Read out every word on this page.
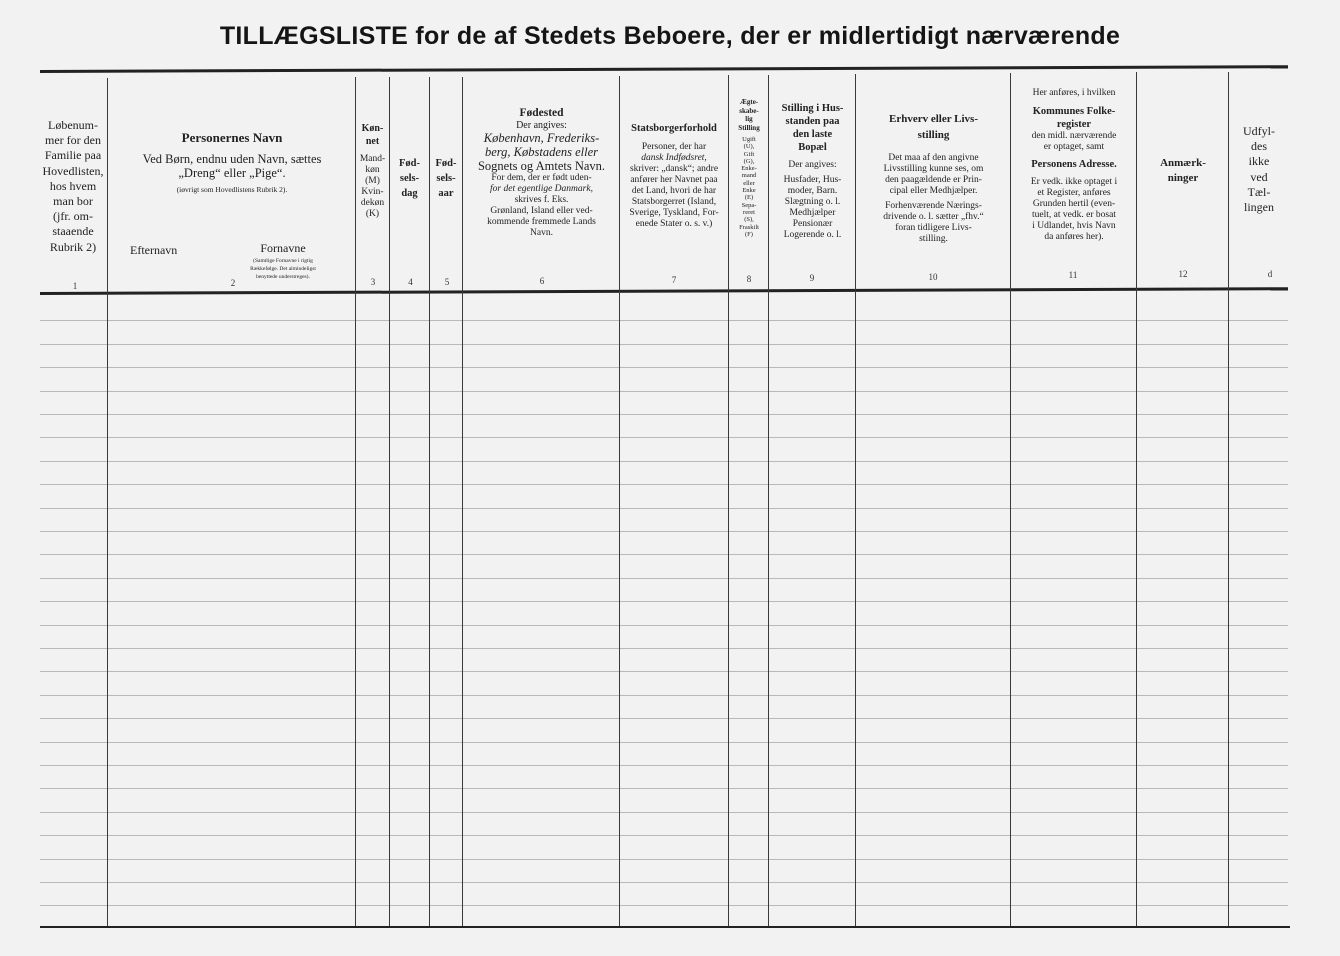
TILLÆGSLISTE for de af Stedets Beboere, der er midlertidigt nærværende
Løbenum-
mer for den
Familie paa
Hovedlisten,
hos hvem
man bor
(jfr. om-
staaende
Rubrik 2)
Personernes Navn
Ved Børn, endnu uden Navn, sættes
„Dreng“ eller „Pige“.
(iøvrigt som Hovedlistens Rubrik 2).
Efternavn	Fornavne
(Samtlige Fornavne i rigtig
Rækkefølge. Det almindeligst
benyttede understreges).
Køn-
net
Mand-
køn
(M)
Kvin-
dekøn
(K)
Fød-
sels-
dag
Fød-
sels-
aar
Fødested
Der angives:
København, Frederiks-
berg, Købstadens eller
Sognets og Amtets Navn.
For dem, der er født uden-
for det egentlige Danmark,
skrives f. Eks.
Grønland, Island eller ved-
kommende fremmede Lands
Navn.
Statsborgerforhold
Personer, der har
dansk Indfødsret,
skriver: „dansk“; andre
anfører her Navnet paa
det Land, hvori de har
Statsborgerret (Island,
Sverige, Tyskland, For-
enede Stater o. s. v.)
Ægte-
skabe-
lig
Stilling
Ugift
(U),
Gift
(G),
Enke-
mand
eller
Enke
(E)
Sepa-
reret
(S),
Fraskilt
(F)
Stilling i Hus-
standen paa
den laste
Bopæl
Der angives:
Husfader, Hus-
moder, Barn.
Slægtning o. l.
Medhjælper
Pensionær
Logerende o. l.
Erhverv eller Livs-
stilling
Det maa af den angivne
Livsstilling kunne ses, om
den paagældende er Prin-
cipal eller Medhjælper.
Forhenværende Nærings-
drivende o. l. sætter „fhv.“
foran tidligere Livs-
stilling.
Her anføres, i hvilken
Kommunes Folke-
register
den midl. nærværende
er optaget, samt
Personens Adresse.
Er vedk. ikke optaget i
et Register, anføres
Grunden hertil (even-
tuelt, at vedk. er bosat
i Udlandet, hvis Navn
da anføres her).
Anmærk-
ninger
Udfyl-
des
ikke
ved
Tæl-
lingen
1	2	3	4	5	6	7	8	9	10	11	12	d
